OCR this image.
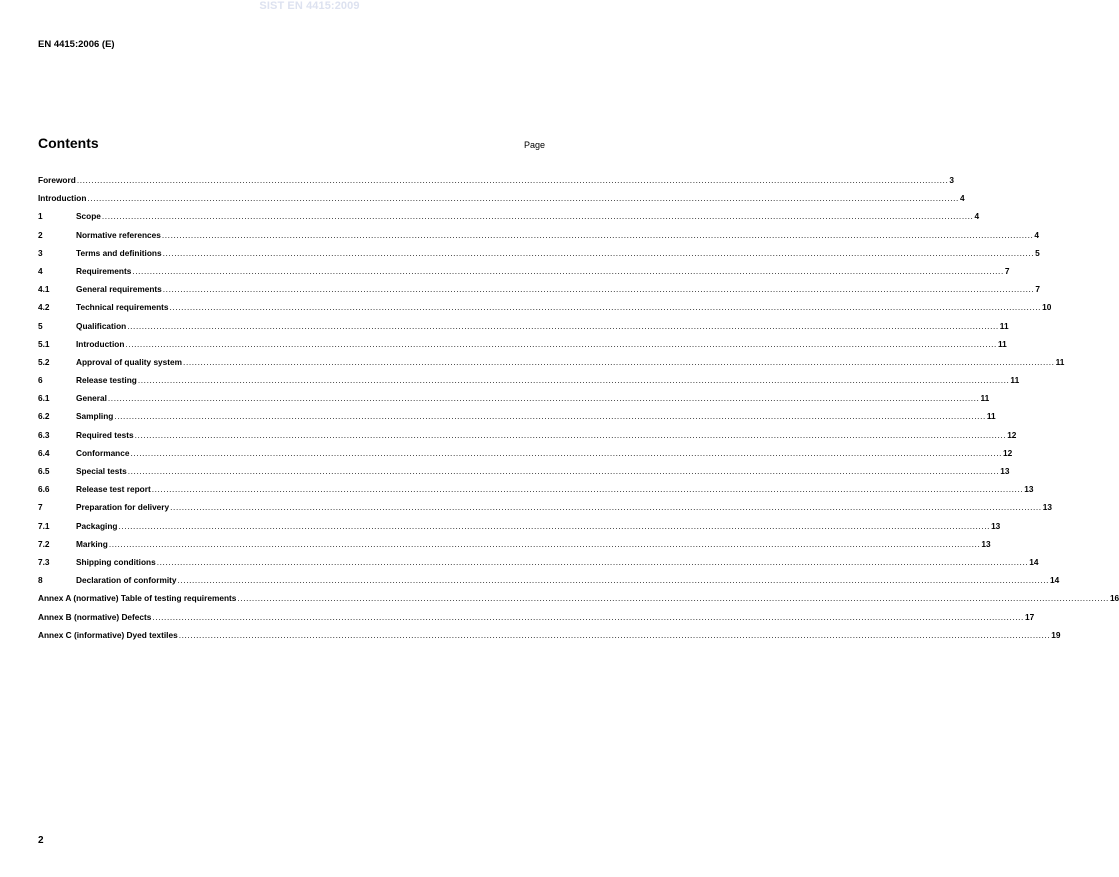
SIST EN 4415:2009
EN 4415:2006 (E)
Contents	Page
Foreword ............................................................................................................................................................................................................................................................................................................ 3
Introduction ............................................................................................................................................................................................................................................................................................................ 4
1	Scope ............................................................................................................................................................................................................................................................................................................ 4
2	Normative references ............................................................................................................................................................................................................................................................................................................ 4
3	Terms and definitions ............................................................................................................................................................................................................................................................................................................ 5
4	Requirements ............................................................................................................................................................................................................................................................................................................ 7
4.1	General requirements ............................................................................................................................................................................................................................................................................................................ 7
4.2	Technical requirements ............................................................................................................................................................................................................................................................................................................ 10
5	Qualification ............................................................................................................................................................................................................................................................................................................ 11
5.1	Introduction ............................................................................................................................................................................................................................................................................................................ 11
5.2	Approval of quality system ............................................................................................................................................................................................................................................................................................................ 11
6	Release testing ............................................................................................................................................................................................................................................................................................................ 11
6.1	General ............................................................................................................................................................................................................................................................................................................ 11
6.2	Sampling ............................................................................................................................................................................................................................................................................................................ 11
6.3	Required tests ............................................................................................................................................................................................................................................................................................................ 12
6.4	Conformance ............................................................................................................................................................................................................................................................................................................ 12
6.5	Special tests ............................................................................................................................................................................................................................................................................................................ 13
6.6	Release test report ............................................................................................................................................................................................................................................................................................................ 13
7	Preparation for delivery ............................................................................................................................................................................................................................................................................................................ 13
7.1	Packaging ............................................................................................................................................................................................................................................................................................................ 13
7.2	Marking ............................................................................................................................................................................................................................................................................................................ 13
7.3	Shipping conditions ............................................................................................................................................................................................................................................................................................................ 14
8	Declaration of conformity ............................................................................................................................................................................................................................................................................................................ 14
Annex A (normative) Table of testing requirements ............................................................................................................................................................................................................................................................................................................ 16
Annex B (normative) Defects ............................................................................................................................................................................................................................................................................................................ 17
Annex C (informative) Dyed textiles ............................................................................................................................................................................................................................................................................................................ 19
2
